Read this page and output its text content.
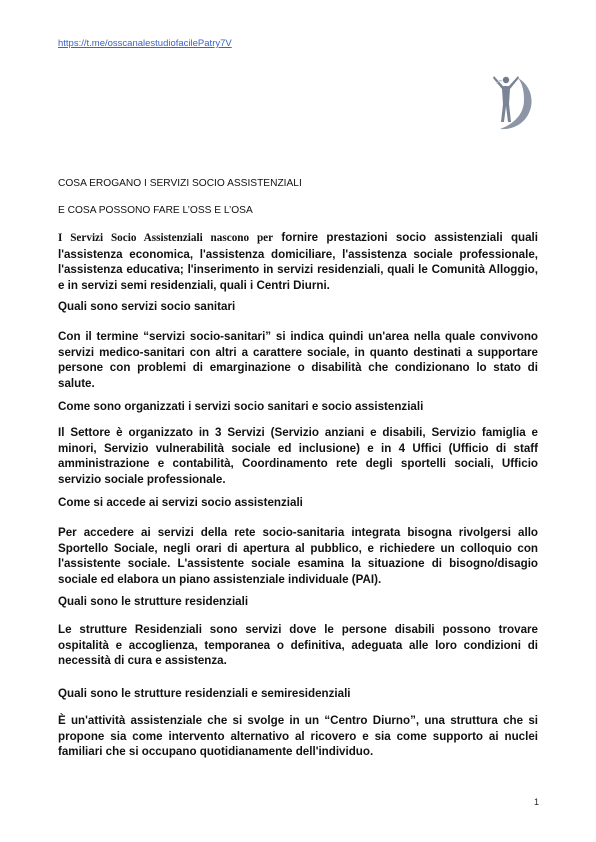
https://t.me/osscanalestudiofacilePatry7V
COSA EROGANO I SERVIZI SOCIO ASSISTENZIALI
E COSA POSSONO FARE L’OSS E L’OSA

I Servizi Socio Assistenziali nascono per fornire prestazioni socio assistenziali quali l'assistenza economica, l'assistenza domiciliare, l'assistenza sociale professionale, l'assistenza educativa; l'inserimento in servizi residenziali, quali le Comunità Alloggio, e in servizi semi residenziali, quali i Centri Diurni.

Quali sono servizi socio sanitari

Con il termine “servizi socio-sanitari” si indica quindi un'area nella quale convivono servizi medico-sanitari con altri a carattere sociale, in quanto destinati a supportare persone con problemi di emarginazione o disabilità che condizionano lo stato di salute.

Come sono organizzati i servizi socio sanitari e socio assistenziali

Il Settore è organizzato in 3 Servizi (Servizio anziani e disabili, Servizio famiglia e minori, Servizio vulnerabilità sociale ed inclusione) e in 4 Uffici (Ufficio di staff amministrazione e contabilità, Coordinamento rete degli sportelli sociali, Ufficio servizio sociale professionale.

Come si accede ai servizi socio assistenziali

Per accedere ai servizi della rete socio-sanitaria integrata bisogna rivolgersi allo Sportello Sociale, negli orari di apertura al pubblico, e richiedere un colloquio con l'assistente sociale. L'assistente sociale esamina la situazione di bisogno/disagio sociale ed elabora un piano assistenziale individuale (PAI).

Quali sono le strutture residenziali

Le strutture Residenziali sono servizi dove le persone disabili possono trovare ospitalità e accoglienza, temporanea o definitiva, adeguata alle loro condizioni di necessità di cura e assistenza.

Quali sono le strutture residenziali e semiresidenziali

È un'attività assistenziale che si svolge in un “Centro Diurno”, una struttura che si propone sia come intervento alternativo al ricovero e sia come supporto ai nuclei familiari che si occupano quotidianamente dell'individuo.

1
